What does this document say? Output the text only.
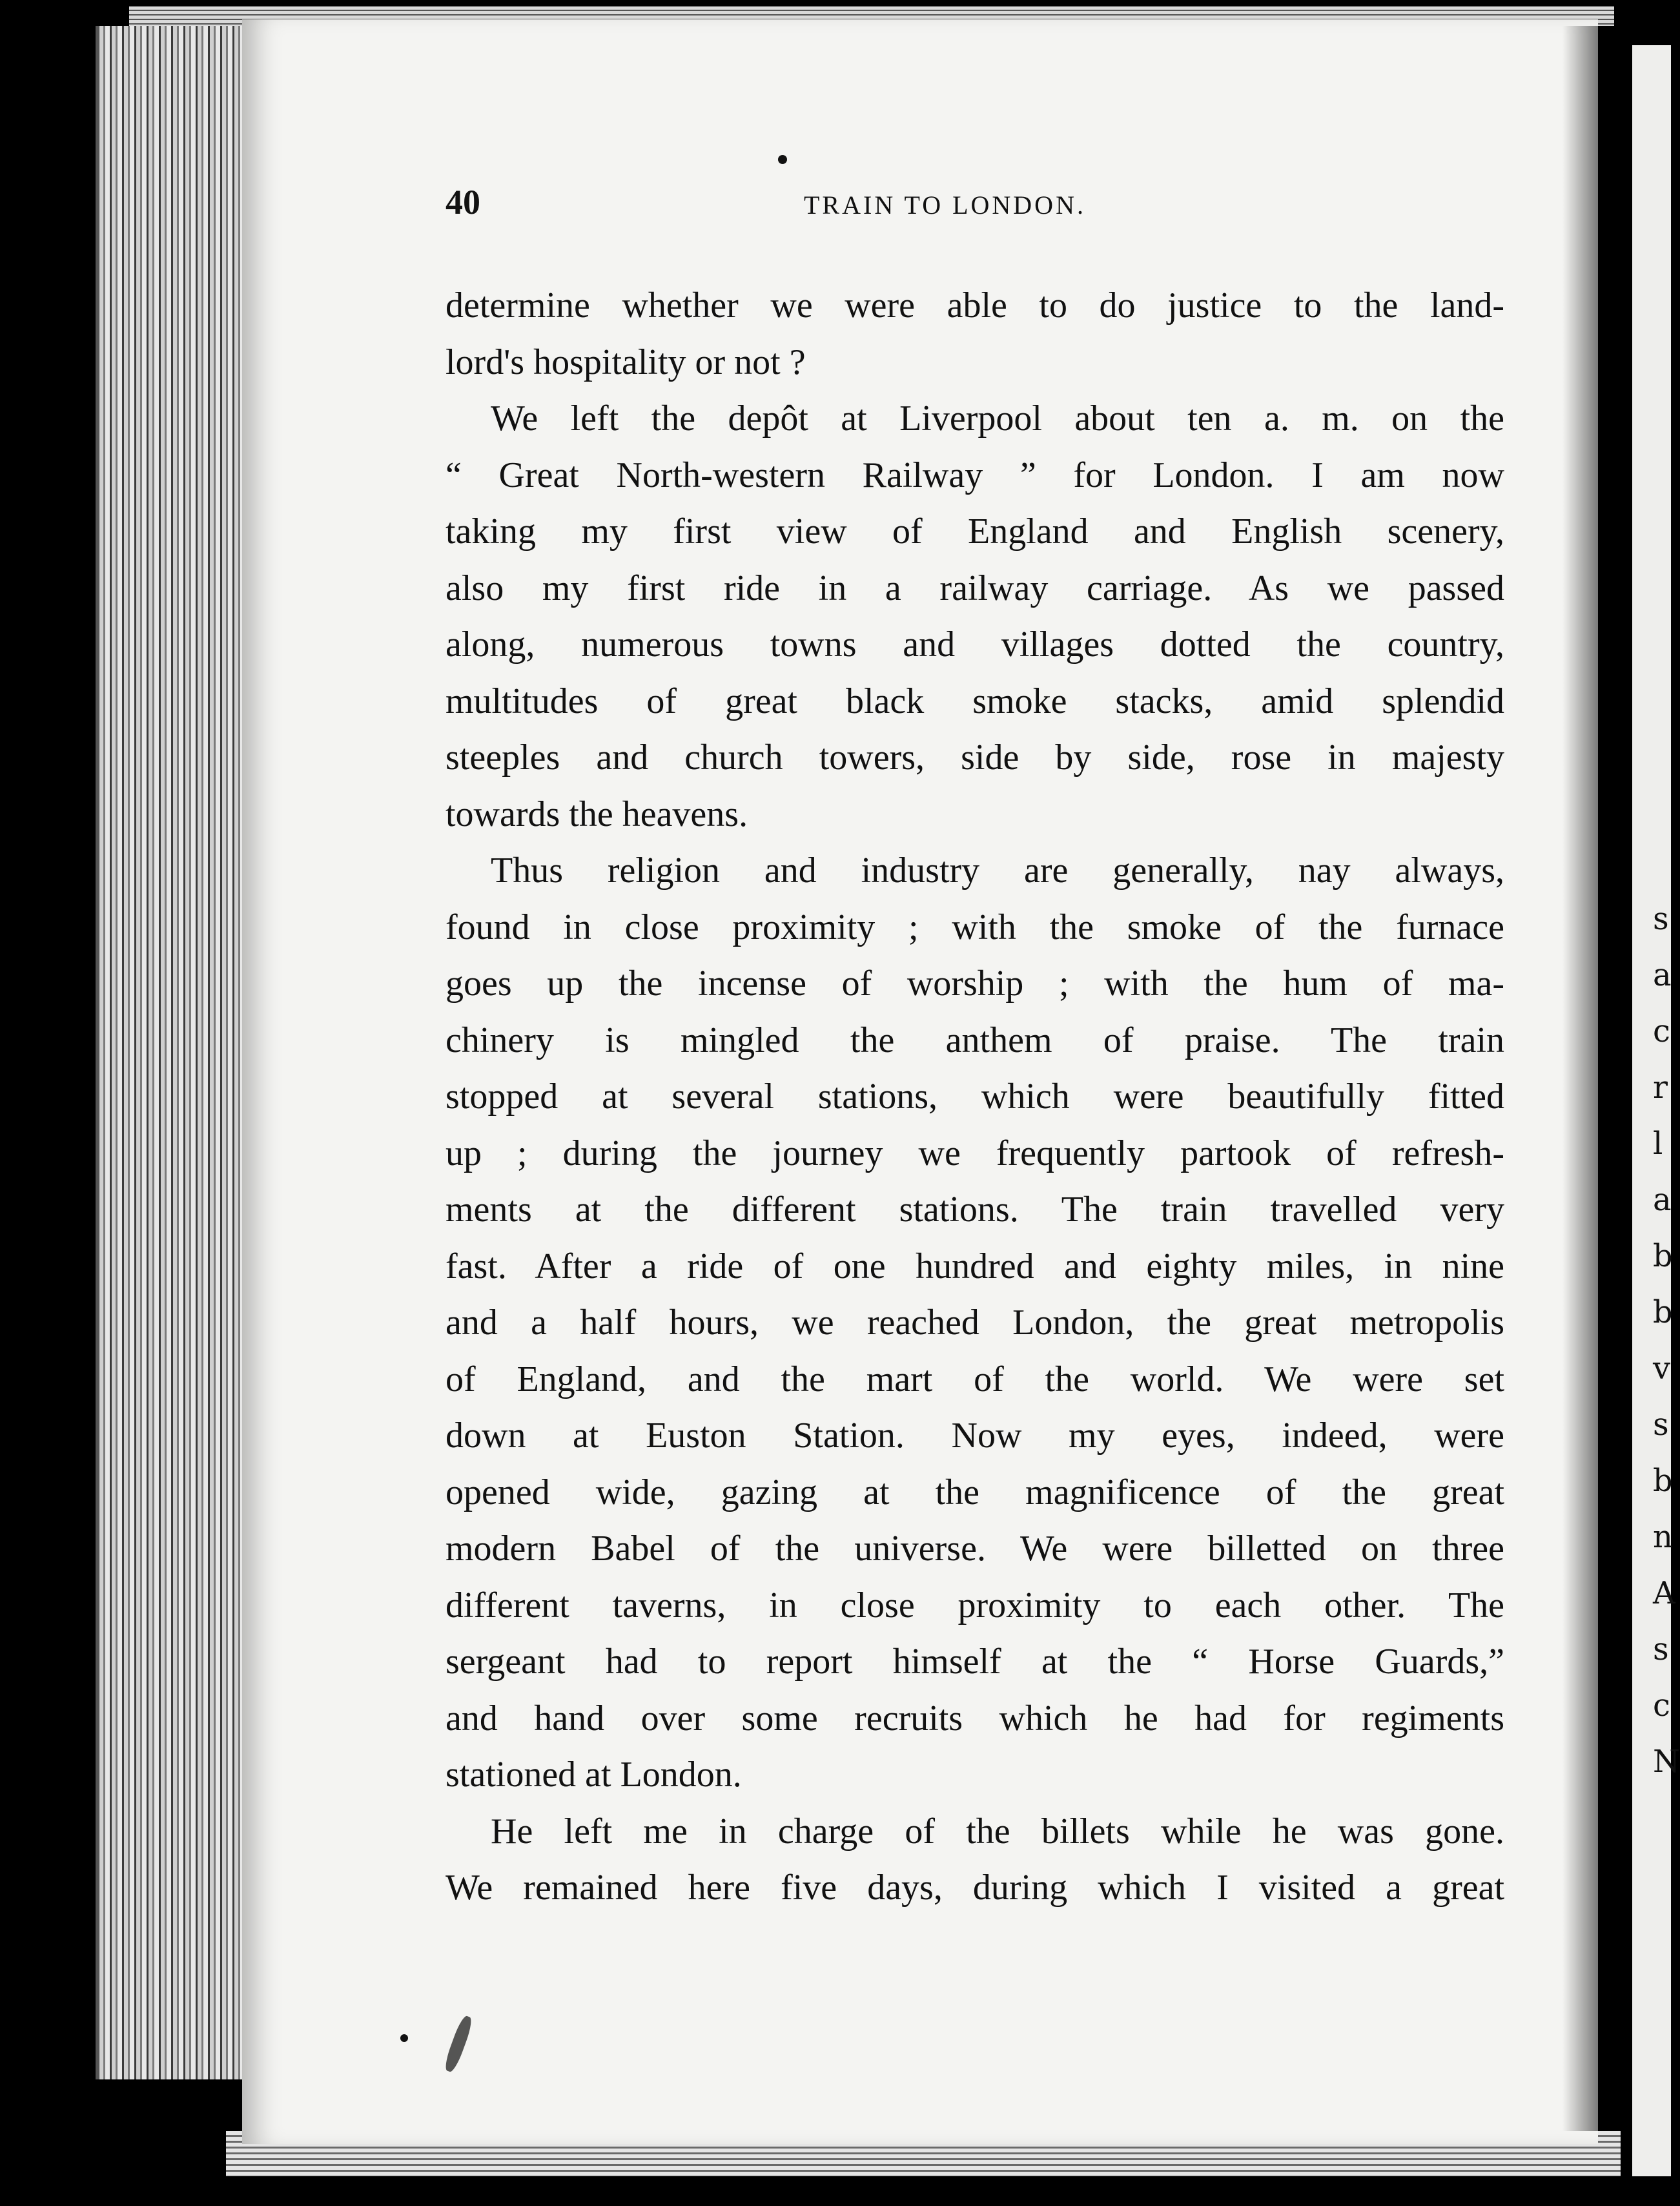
40	TRAIN TO LONDON.
determine whether we were able to do justice to the land-
lord's hospitality or not ?
We left the depôt at Liverpool about ten a. m. on the
“ Great North-western Railway ” for London. I am now
taking my first view of England and English scenery,
also my first ride in a railway carriage. As we passed
along, numerous towns and villages dotted the country,
multitudes of great black smoke stacks, amid splendid
steeples and church towers, side by side, rose in majesty
towards the heavens.
Thus religion and industry are generally, nay always,
found in close proximity ; with the smoke of the furnace
goes up the incense of worship ; with the hum of ma-
chinery is mingled the anthem of praise. The train
stopped at several stations, which were beautifully fitted
up ; during the journey we frequently partook of refresh-
ments at the different stations. The train travelled very
fast. After a ride of one hundred and eighty miles, in nine
and a half hours, we reached London, the great metropolis
of England, and the mart of the world. We were set
down at Euston Station. Now my eyes, indeed, were
opened wide, gazing at the magnificence of the great
modern Babel of the universe. We were billetted on three
different taverns, in close proximity to each other. The
sergeant had to report himself at the “ Horse Guards,”
and hand over some recruits which he had for regiments
stationed at London.
He left me in charge of the billets while he was gone.
We remained here five days, during which I visited a great
s
a
c
r
l
a
b
b
v
s
b
n
A
s
c
N
